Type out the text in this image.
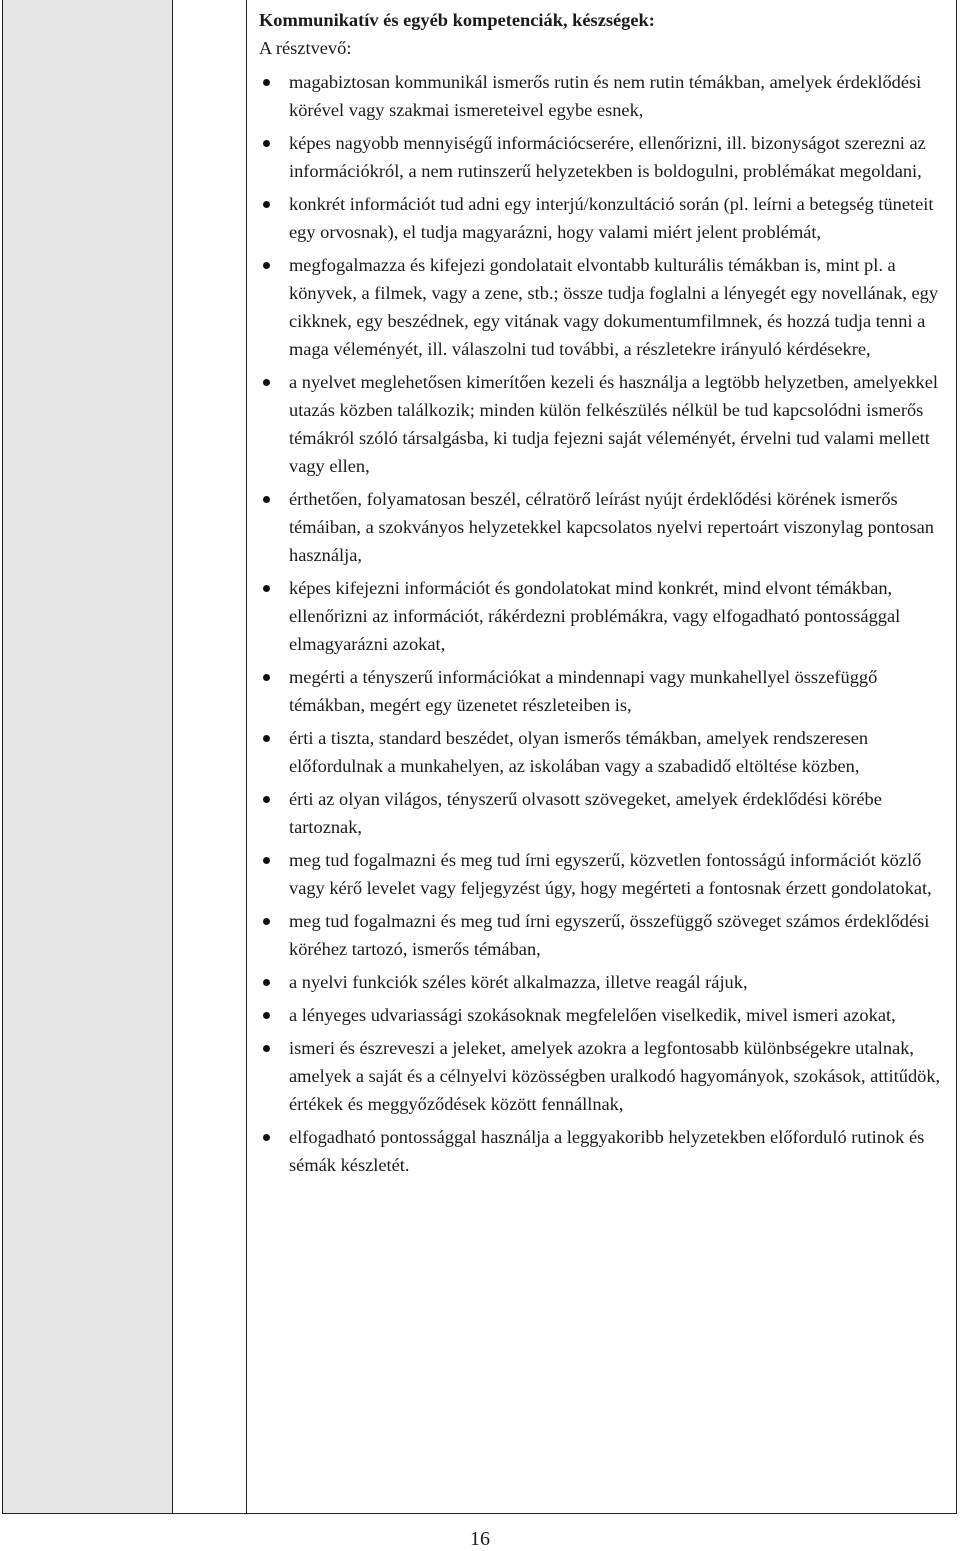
Kommunikatív és egyéb kompetenciák, készségek:

A résztvevő:

magabiztosan kommunikál ismerős rutin és nem rutin témákban, amelyek érdeklődési körével vagy szakmai ismereteivel egybe esnek,
képes nagyobb mennyiségű információcserére, ellenőrizni, ill. bizonyságot szerezni az információkról, a nem rutinszerű helyzetekben is boldogulni, problémákat megoldani,
konkrét információt tud adni egy interjú/konzultáció során (pl. leírni a betegség tüneteit egy orvosnak), el tudja magyarázni, hogy valami miért jelent problémát,
megfogalmazza és kifejezi gondolatait elvontabb kulturális témákban is, mint pl. a könyvek, a filmek, vagy a zene, stb.; össze tudja foglalni a lényegét egy novellának, egy cikknek, egy beszédnek, egy vitának vagy dokumentumfilmnek, és hozzá tudja tenni a maga véleményét, ill. válaszolni tud további, a részletekre irányuló kérdésekre,
a nyelvet meglehetősen kimerítően kezeli és használja a legtöbb helyzetben, amelyekkel utazás közben találkozik; minden külön felkészülés nélkül be tud kapcsolódni ismerős témákról szóló társalgásba, ki tudja fejezni saját véleményét, érvelni tud valami mellett vagy ellen,
érthetően, folyamatosan beszél, célratörő leírást nyújt érdeklődési körének ismerős témáiban, a szokványos helyzetekkel kapcsolatos nyelvi repertoárt viszonylag pontosan használja,
képes kifejezni információt és gondolatokat mind konkrét, mind elvont témákban, ellenőrizni az információt, rákérdezni problémákra, vagy elfogadható pontossággal elmagyarázni azokat,
megérti a tényszerű információkat a mindennapi vagy munkahellyel összefüggő témákban, megért egy üzenetet részleteiben is,
érti a tiszta, standard beszédet, olyan ismerős témákban, amelyek rendszeresen előfordulnak a munkahelyen, az iskolában vagy a szabadidő eltöltése közben,
érti az olyan világos, tényszerű olvasott szövegeket, amelyek érdeklődési körébe tartoznak,
meg tud fogalmazni és meg tud írni egyszerű, közvetlen fontosságú információt közlő vagy kérő levelet vagy feljegyzést úgy, hogy megérteti a fontosnak érzett gondolatokat,
meg tud fogalmazni és meg tud írni egyszerű, összefüggő szöveget számos érdeklődési köréhez tartozó, ismerős témában,
a nyelvi funkciók széles körét alkalmazza, illetve reagál rájuk,
a lényeges udvariassági szokásoknak megfelelően viselkedik, mivel ismeri azokat,
ismeri és észreveszi a jeleket, amelyek azokra a legfontosabb különbségekre utalnak, amelyek a saját és a célnyelvi közösségben uralkodó hagyományok, szokások, attitűdök, értékek és meggyőződések között fennállnak,
elfogadható pontossággal használja a leggyakoribb helyzetekben előforduló rutinok és sémák készletét.
16
